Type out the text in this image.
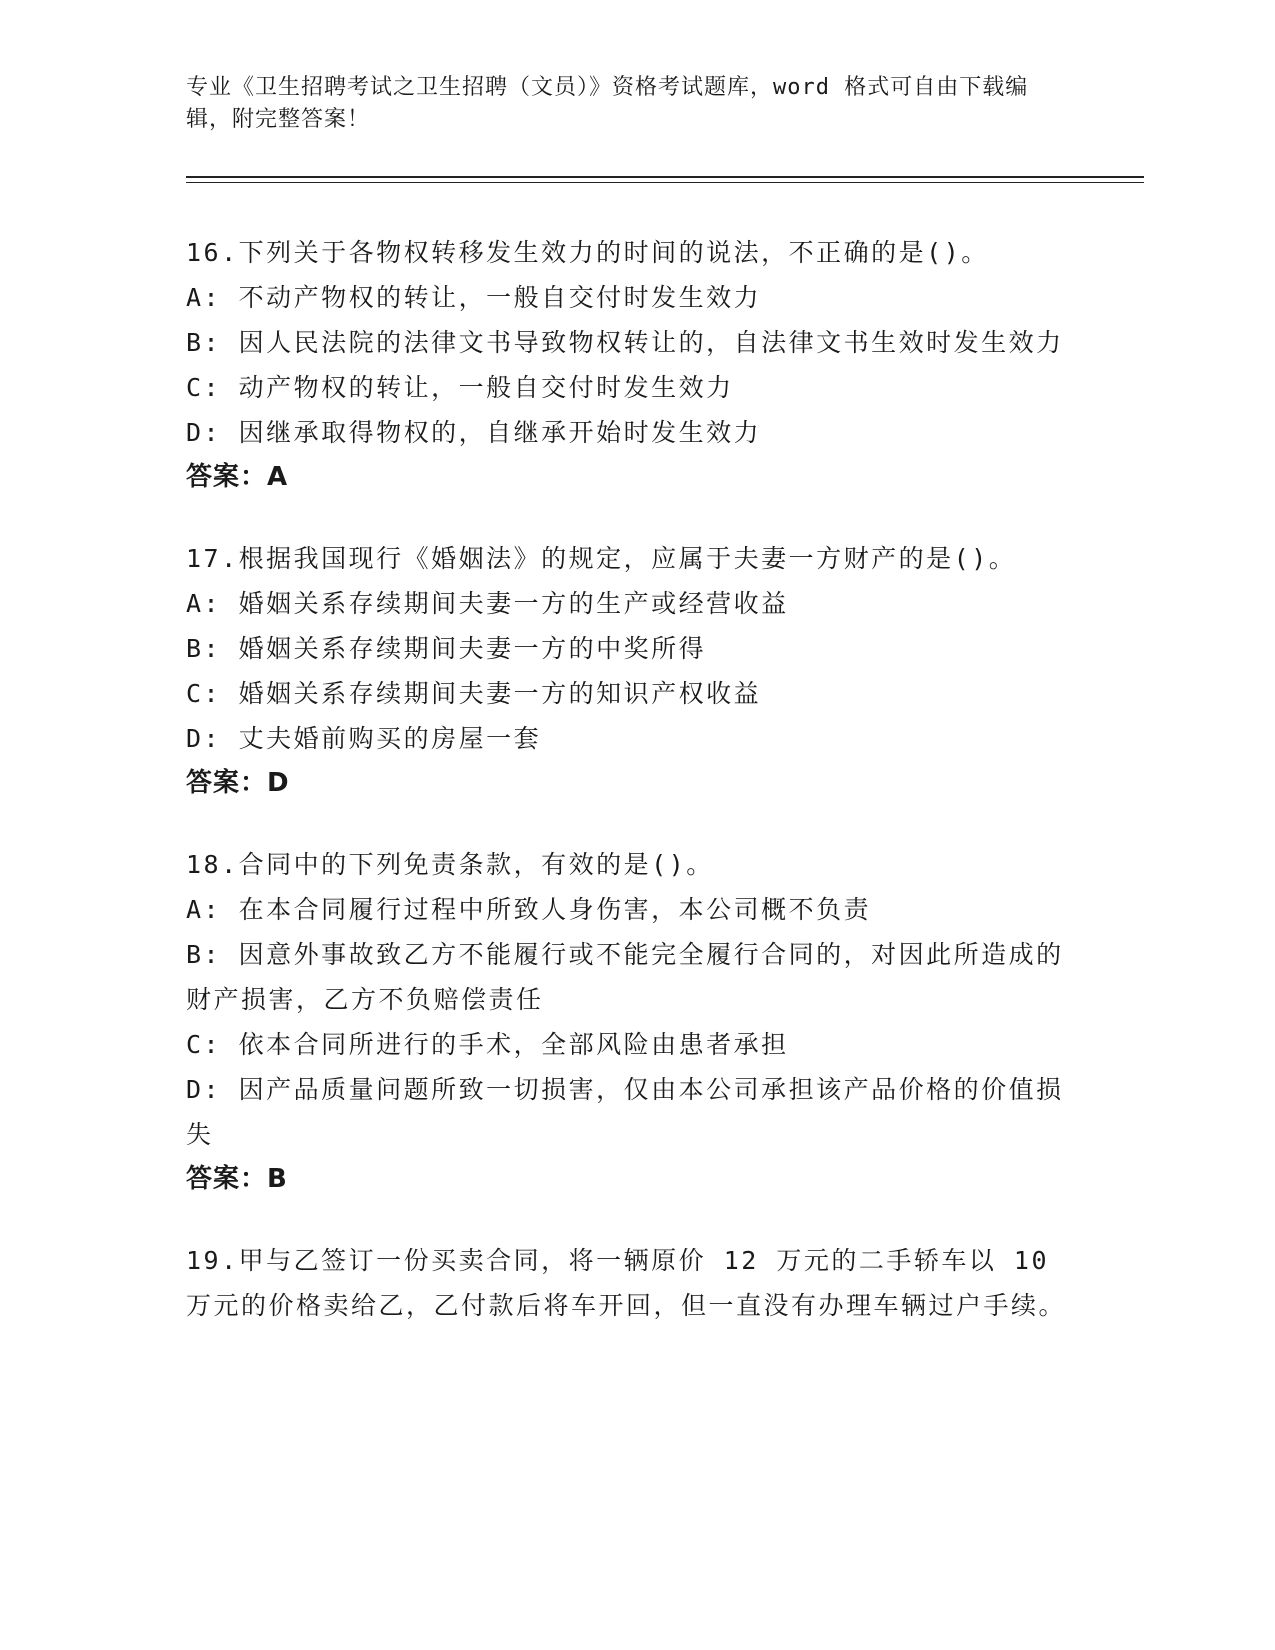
专业《卫生招聘考试之卫生招聘（文员）》资格考试题库，word 格式可自由下载编辑，附完整答案！
16.下列关于各物权转移发生效力的时间的说法，不正确的是()。
A: 不动产物权的转让，一般自交付时发生效力
B: 因人民法院的法律文书导致物权转让的，自法律文书生效时发生效力
C: 动产物权的转让，一般自交付时发生效力
D: 因继承取得物权的，自继承开始时发生效力
答案：A
17.根据我国现行《婚姻法》的规定，应属于夫妻一方财产的是()。
A: 婚姻关系存续期间夫妻一方的生产或经营收益
B: 婚姻关系存续期间夫妻一方的中奖所得
C: 婚姻关系存续期间夫妻一方的知识产权收益
D: 丈夫婚前购买的房屋一套
答案：D
18.合同中的下列免责条款，有效的是()。
A: 在本合同履行过程中所致人身伤害，本公司概不负责
B: 因意外事故致乙方不能履行或不能完全履行合同的，对因此所造成的财产损害，乙方不负赔偿责任
C: 依本合同所进行的手术，全部风险由患者承担
D: 因产品质量问题所致一切损害，仅由本公司承担该产品价格的价值损失
答案：B
19.甲与乙签订一份买卖合同，将一辆原价 12 万元的二手轿车以 10 万元的价格卖给乙，乙付款后将车开回，但一直没有办理车辆过户手续。
